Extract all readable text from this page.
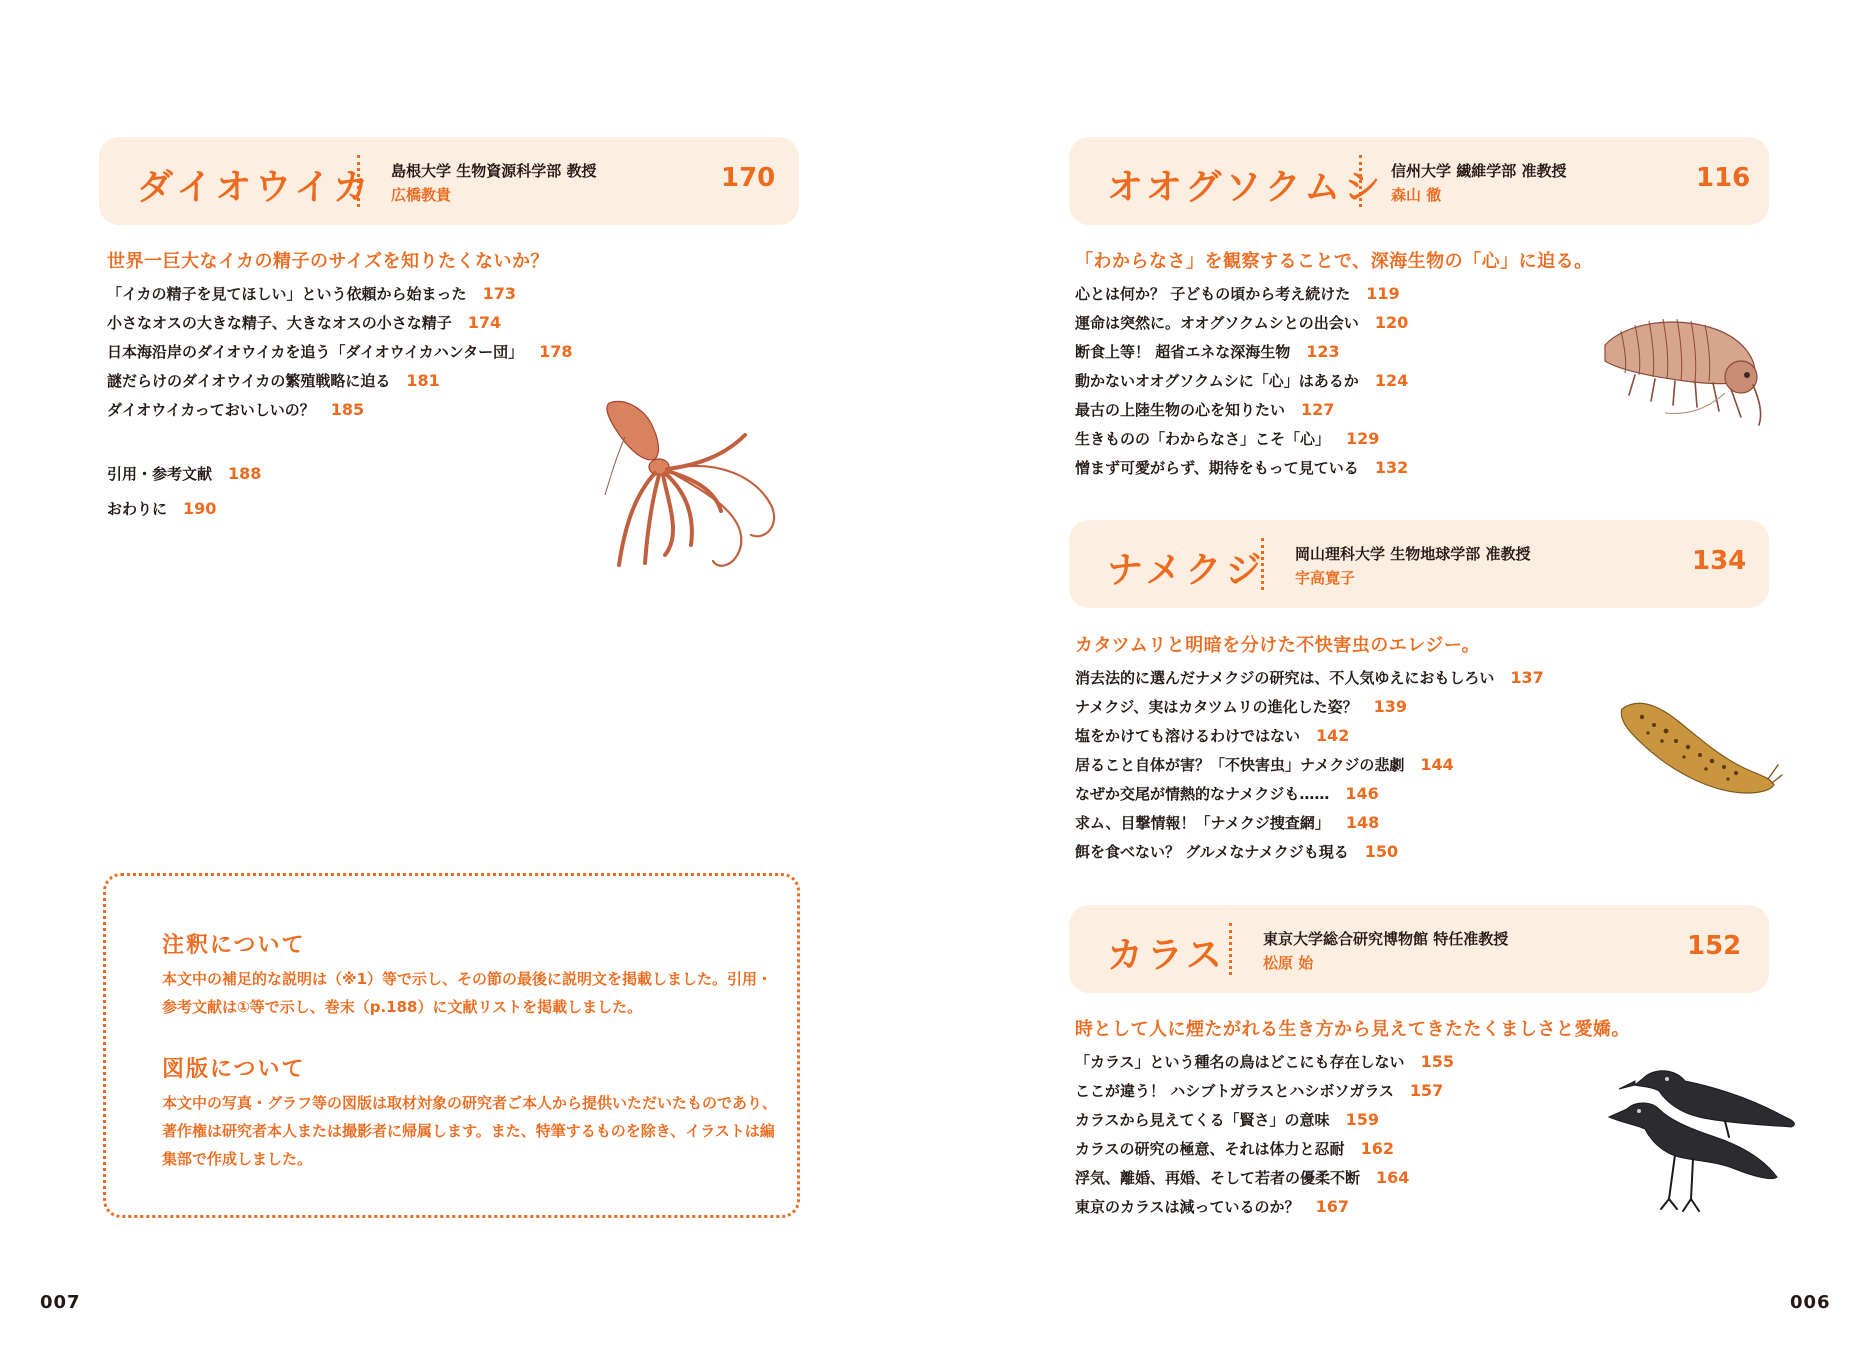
ダイオウイカ 島根大学 生物資源科学部 教授
広橋教貴
170
世界一巨大なイカの精子のサイズを知りたくないか？
「イカの精子を見てほしい」という依頼から始まった 173
小さなオスの大きな精子、大きなオスの小さな精子 174
日本海沿岸のダイオウイカを追う「ダイオウイカハンター団」 178
謎だらけのダイオウイカの繁殖戦略に迫る 181
ダイオウイカっておいしいの？ 185
引用・参考文献 188
おわりに 190
注釈について
本文中の補足的な説明は（※1）等で示し、その節の最後に説明文を掲載しました。引用・参考文献は①等で示し、巻末（p.188）に文献リストを掲載しました。
図版について
本文中の写真・グラフ等の図版は取材対象の研究者ご本人から提供いただいたものであり、著作権は研究者本人または撮影者に帰属します。また、特筆するものを除き、イラストは編集部で作成しました。
007
オオグソクムシ 信州大学 繊維学部 准教授
森山 徹
116
「わからなさ」を観察することで、深海生物の「心」に迫る。
心とは何か？ 子どもの頃から考え続けた 119
運命は突然に。オオグソクムシとの出会い 120
断食上等！ 超省エネな深海生物 123
動かないオオグソクムシに「心」はあるか 124
最古の上陸生物の心を知りたい 127
生きものの「わからなさ」こそ「心」 129
憎まず可愛がらず、期待をもって見ている 132
ナメクジ 岡山理科大学 生物地球学部 准教授
宇高寛子
134
カタツムリと明暗を分けた不快害虫のエレジー。
消去法的に選んだナメクジの研究は、不人気ゆえにおもしろい 137
ナメクジ、実はカタツムリの進化した姿？ 139
塩をかけても溶けるわけではない 142
居ること自体が害？「不快害虫」ナメクジの悲劇 144
なぜか交尾が情熱的なナメクジも…… 146
求ム、目撃情報！「ナメクジ捜査網」 148
餌を食べない？ グルメなナメクジも現る 150
カラス 東京大学総合研究博物館 特任准教授
松原 始
152
時として人に煙たがれる生き方から見えてきたたくましさと愛嬌。
「カラス」という種名の鳥はどこにも存在しない 155
ここが違う！ ハシブトガラスとハシボソガラス 157
カラスから見えてくる「賢さ」の意味 159
カラスの研究の極意、それは体力と忍耐 162
浮気、離婚、再婚、そして若者の優柔不断 164
東京のカラスは減っているのか？ 167
006
